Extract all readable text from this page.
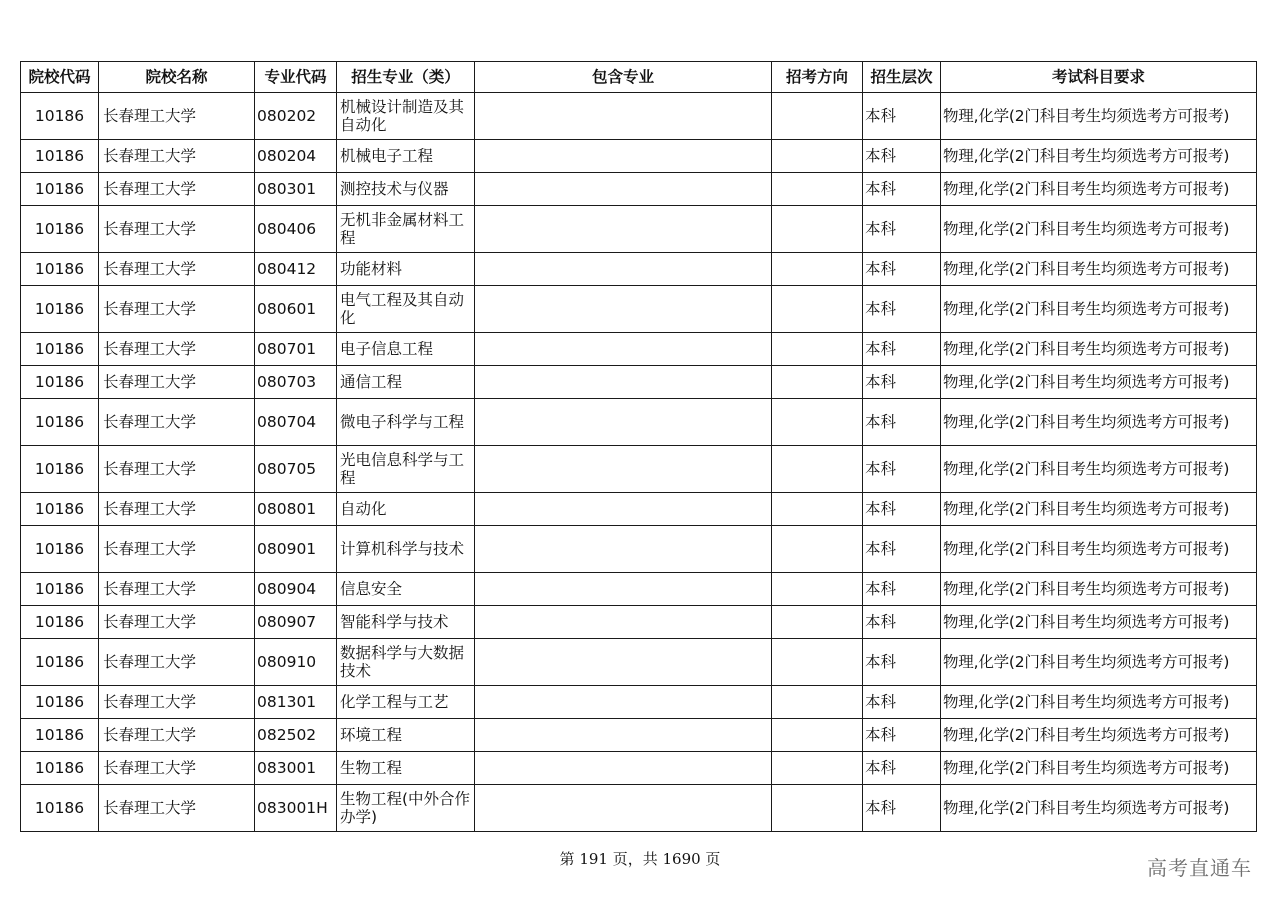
院校代码	院校名称	专业代码	招生专业（类）	包含专业	招考方向	招生层次	考试科目要求
10186	长春理工大学	080202	机械设计制造及其自动化			本科	物理,化学(2门科目考生均须选考方可报考)
10186	长春理工大学	080204	机械电子工程			本科	物理,化学(2门科目考生均须选考方可报考)
10186	长春理工大学	080301	测控技术与仪器			本科	物理,化学(2门科目考生均须选考方可报考)
10186	长春理工大学	080406	无机非金属材料工程			本科	物理,化学(2门科目考生均须选考方可报考)
10186	长春理工大学	080412	功能材料			本科	物理,化学(2门科目考生均须选考方可报考)
10186	长春理工大学	080601	电气工程及其自动化			本科	物理,化学(2门科目考生均须选考方可报考)
10186	长春理工大学	080701	电子信息工程			本科	物理,化学(2门科目考生均须选考方可报考)
10186	长春理工大学	080703	通信工程			本科	物理,化学(2门科目考生均须选考方可报考)
10186	长春理工大学	080704	微电子科学与工程			本科	物理,化学(2门科目考生均须选考方可报考)
10186	长春理工大学	080705	光电信息科学与工程			本科	物理,化学(2门科目考生均须选考方可报考)
10186	长春理工大学	080801	自动化			本科	物理,化学(2门科目考生均须选考方可报考)
10186	长春理工大学	080901	计算机科学与技术			本科	物理,化学(2门科目考生均须选考方可报考)
10186	长春理工大学	080904	信息安全			本科	物理,化学(2门科目考生均须选考方可报考)
10186	长春理工大学	080907	智能科学与技术			本科	物理,化学(2门科目考生均须选考方可报考)
10186	长春理工大学	080910	数据科学与大数据技术			本科	物理,化学(2门科目考生均须选考方可报考)
10186	长春理工大学	081301	化学工程与工艺			本科	物理,化学(2门科目考生均须选考方可报考)
10186	长春理工大学	082502	环境工程			本科	物理,化学(2门科目考生均须选考方可报考)
10186	长春理工大学	083001	生物工程			本科	物理,化学(2门科目考生均须选考方可报考)
10186	长春理工大学	083001H	生物工程(中外合作办学)			本科	物理,化学(2门科目考生均须选考方可报考)
第 191 页，共 1690 页	高考直通车
